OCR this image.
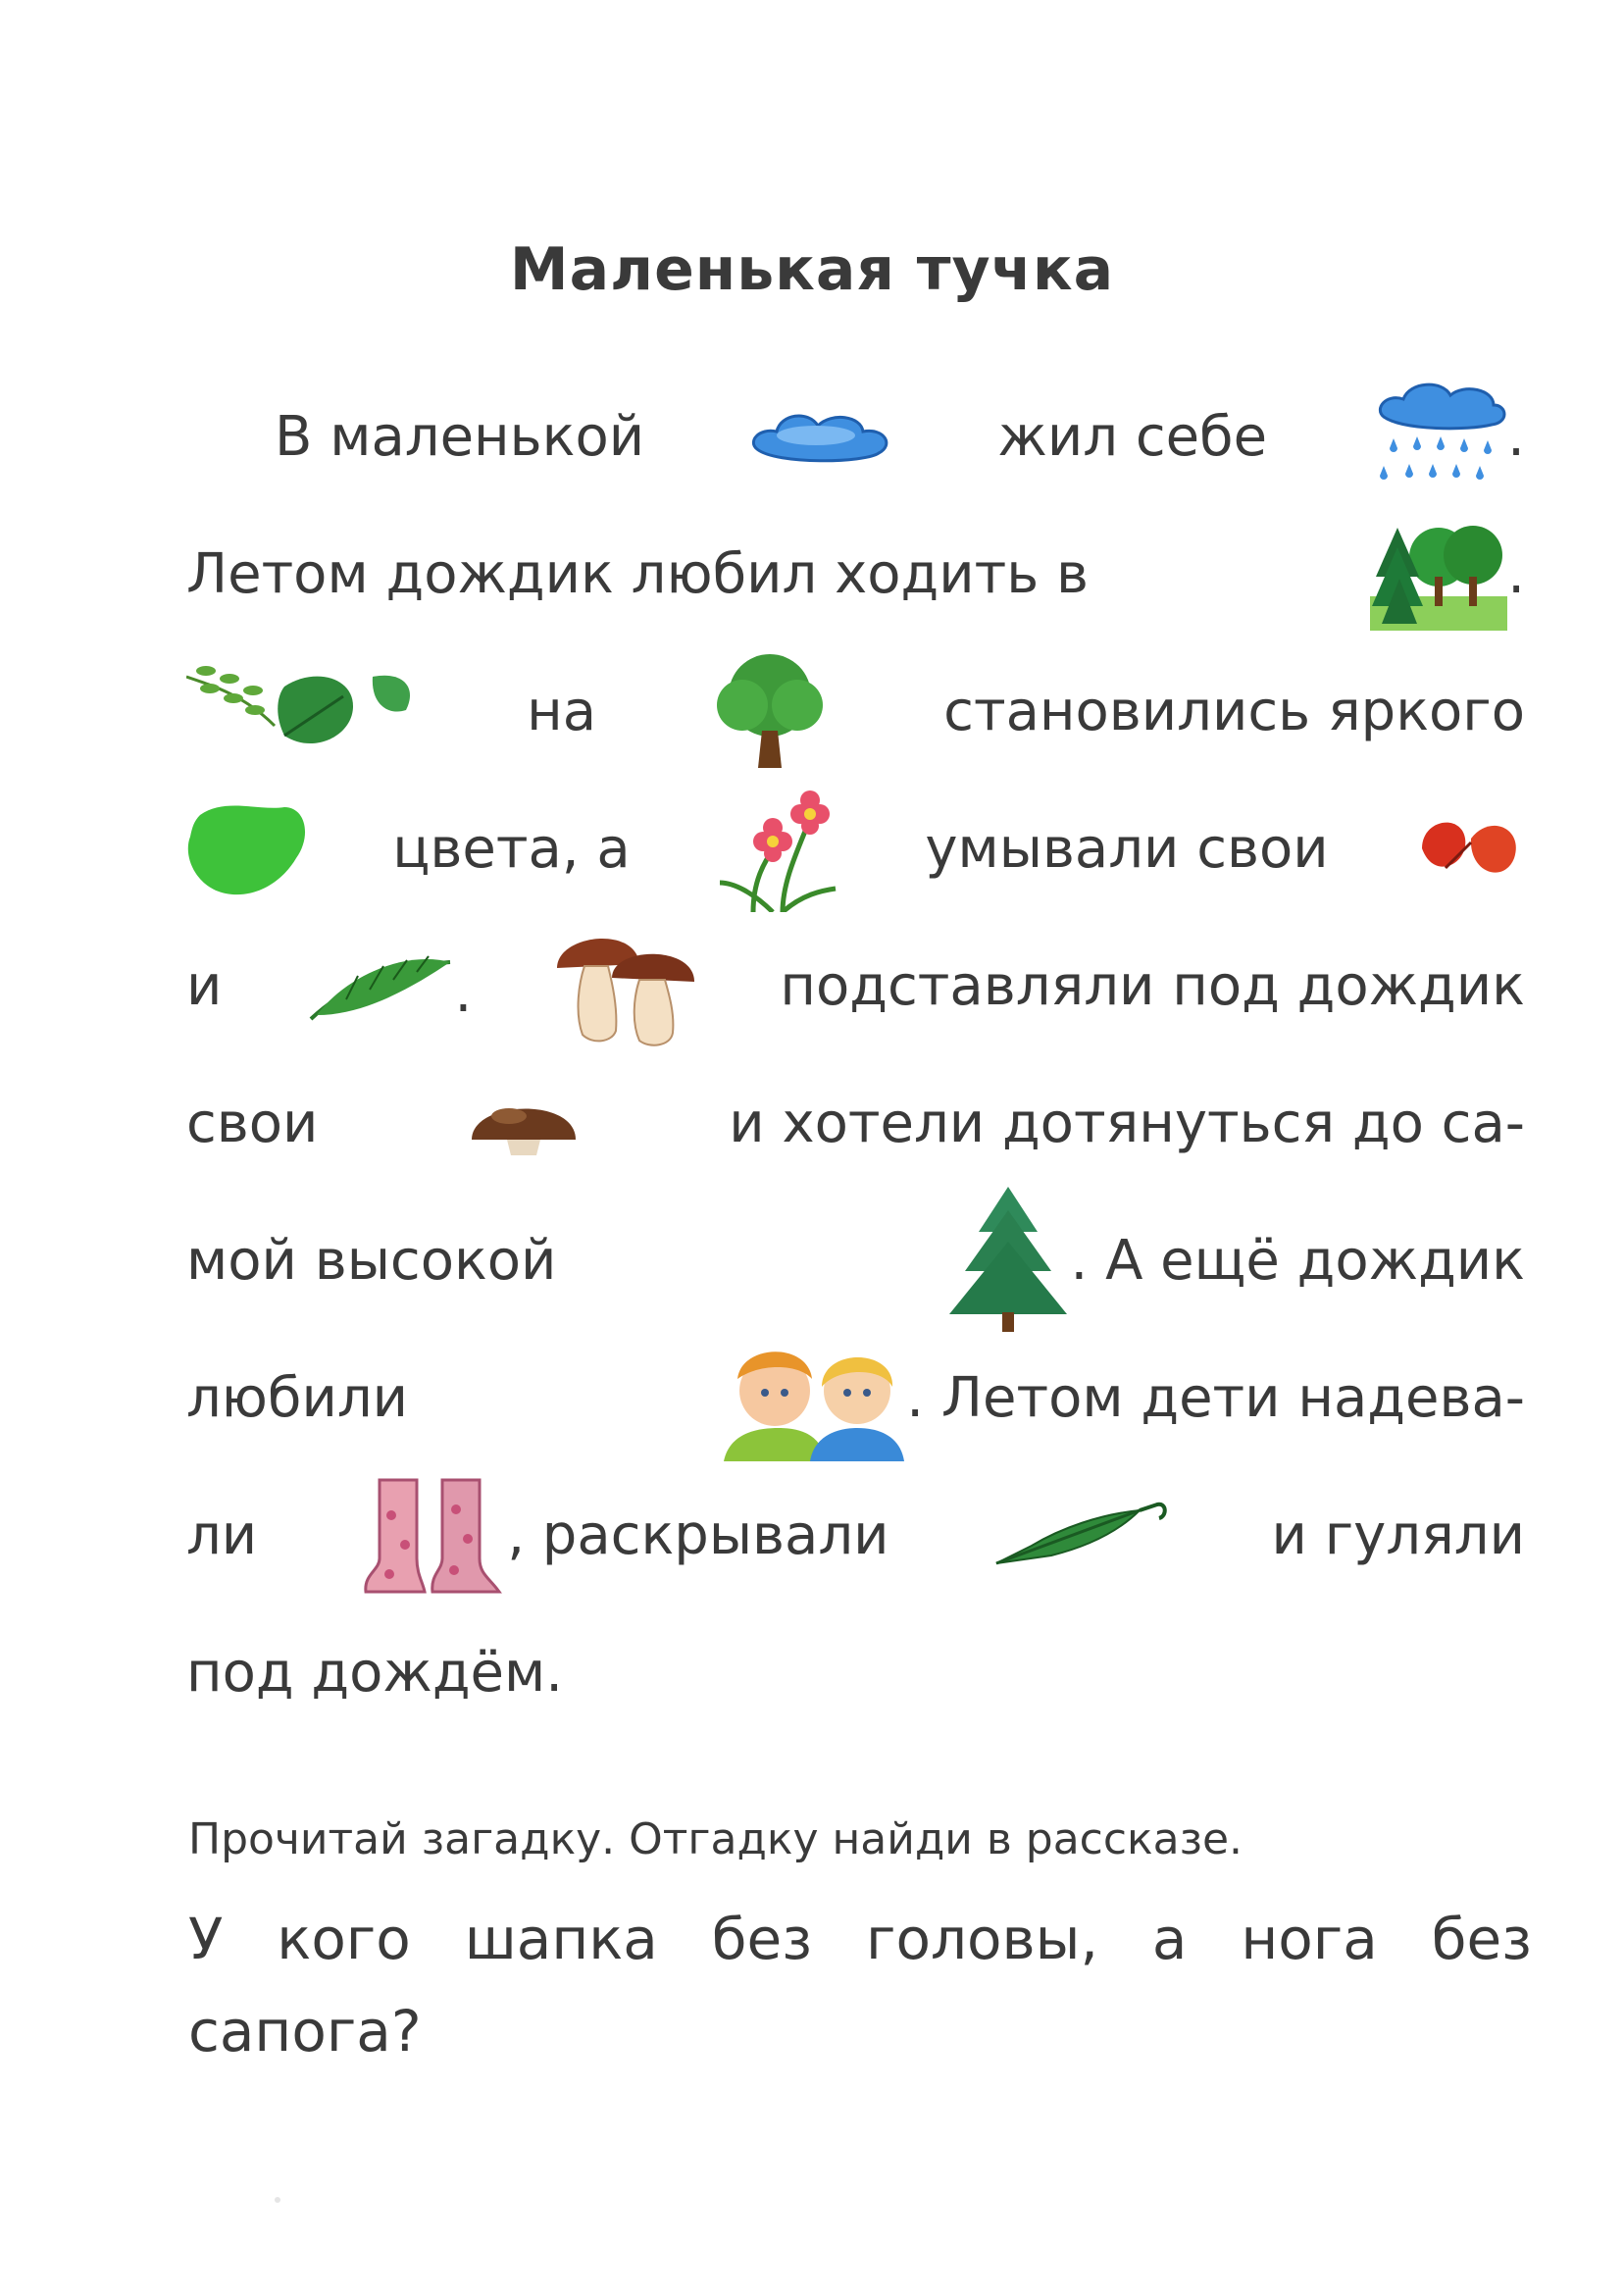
Маленькая тучка
В маленькой	жил себе	.
Летом дождик любил ходить в	.
на	становились яркого
цвета, а	умывали свои
и	.	подставляли под дождик
свои	и хотели дотянуться до са-
мой высокой	. А ещё дождик
любили	. Летом дети надева-
ли	, раскрывали	и гуляли
под дождём.
Прочитай загадку. Отгадку найди в рассказе.
У кого шапка без головы, а нога без сапога?
